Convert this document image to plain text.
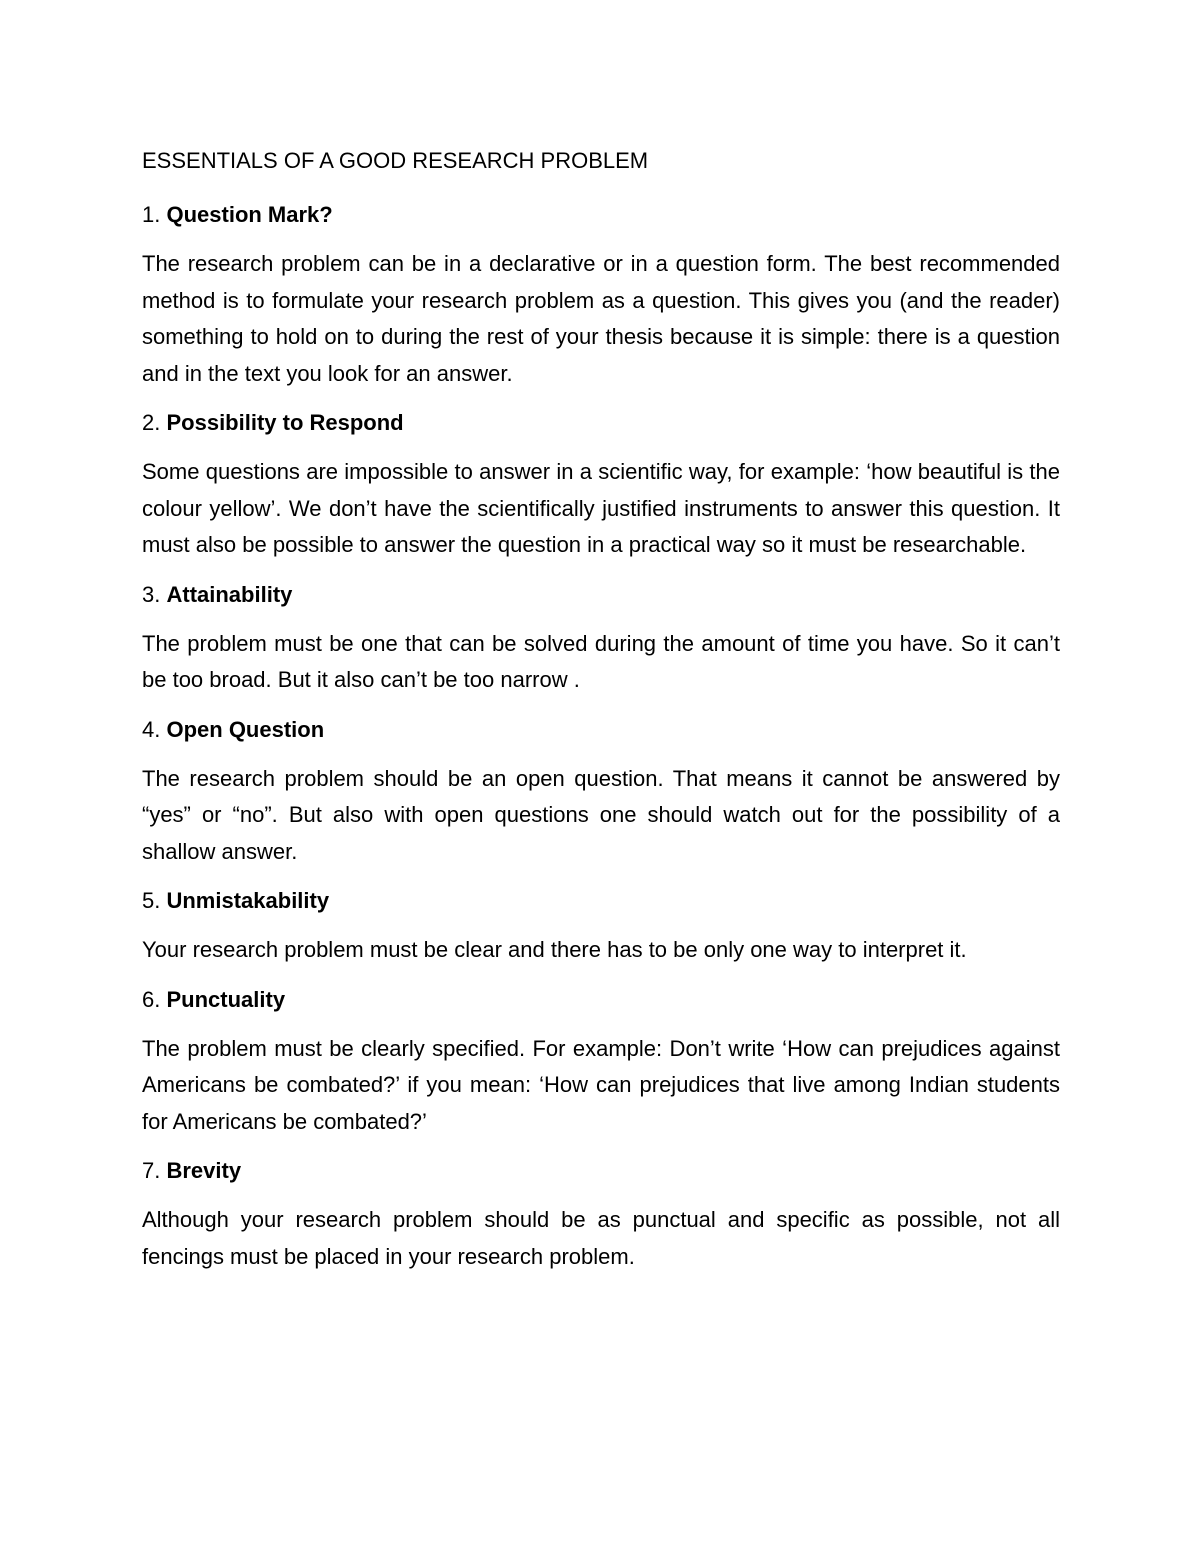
ESSENTIALS OF A GOOD RESEARCH PROBLEM
1. Question Mark?
The research problem can be in a declarative or in a question form. The best recommended method is to formulate your research problem as a question. This gives you (and the reader) something to hold on to during the rest of your thesis because it is simple: there is a question and in the text you look for an answer.
2. Possibility to Respond
Some questions are impossible to answer in a scientific way, for example: ‘how beautiful is the colour yellow’. We don’t have the scientifically justified instruments to answer this question. It must also be possible to answer the question in a practical way so it must be researchable.
3. Attainability
The problem must be one that can be solved during the amount of time you have. So it can’t be too broad. But it also can’t be too narrow .
4. Open Question
The research problem should be an open question. That means it cannot be answered by “yes” or “no”. But also with open questions one should watch out for the possibility of a shallow answer.
5. Unmistakability
Your research problem must be clear and there has to be only one way to interpret it.
6. Punctuality
The problem must be clearly specified. For example: Don’t write ‘How can prejudices against Americans be combated?’ if you mean: ‘How can prejudices that live among Indian students for Americans be combated?’
7. Brevity
Although your research problem should be as punctual and specific as possible, not all fencings must be placed in your research problem.
